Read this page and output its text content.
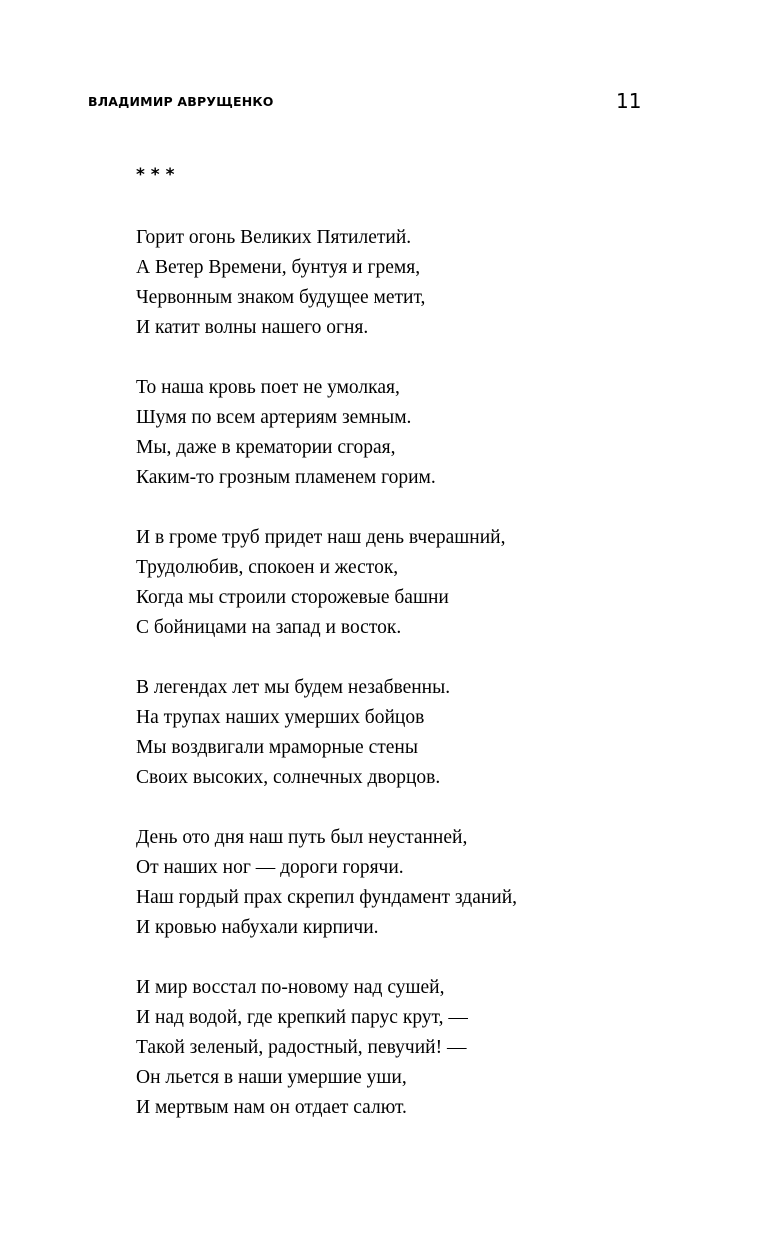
ВЛАДИМИР АВРУЩЕНКО	11
* * *
Горит огонь Великих Пятилетий.
А Ветер Времени, бунтуя и гремя,
Червонным знаком будущее метит,
И катит волны нашего огня.
То наша кровь поет не умолкая,
Шумя по всем артериям земным.
Мы, даже в крематории сгорая,
Каким-то грозным пламенем горим.
И в громе труб придет наш день вчерашний,
Трудолюбив, спокоен и жесток,
Когда мы строили сторожевые башни
С бойницами на запад и восток.
В легендах лет мы будем незабвенны.
На трупах наших умерших бойцов
Мы воздвигали мраморные стены
Своих высоких, солнечных дворцов.
День ото дня наш путь был неустанней,
От наших ног — дороги горячи.
Наш гордый прах скрепил фундамент зданий,
И кровью набухали кирпичи.
И мир восстал по-новому над сушей,
И над водой, где крепкий парус крут, —
Такой зеленый, радостный, певучий! —
Он льется в наши умершие уши,
И мертвым нам он отдает салют.
